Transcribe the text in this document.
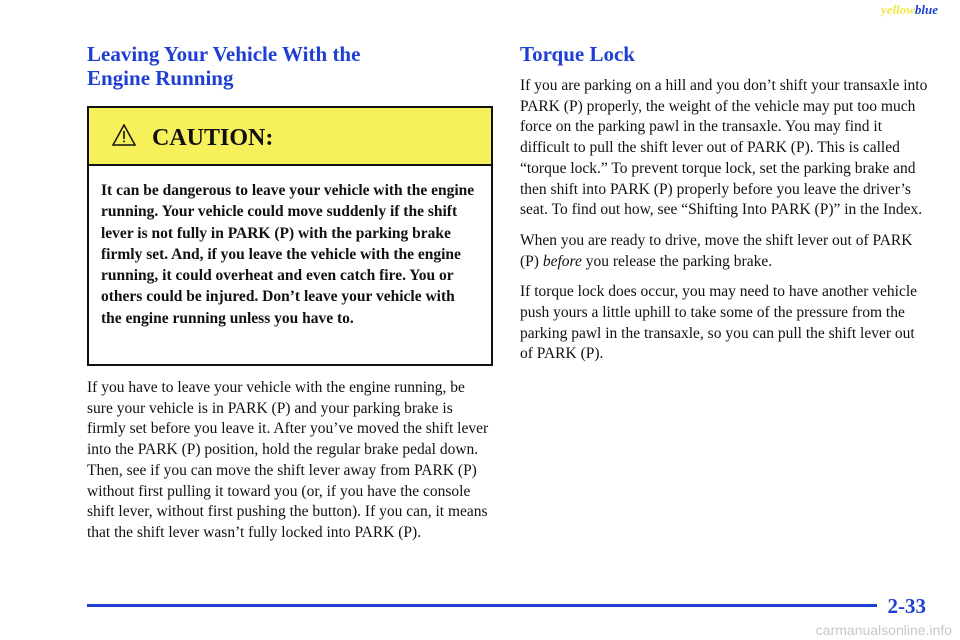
yellowblue
Leaving Your Vehicle With the
Engine Running
CAUTION:
It can be dangerous to leave your vehicle with the engine running. Your vehicle could move suddenly if the shift lever is not fully in PARK (P) with the parking brake firmly set. And, if you leave the vehicle with the engine running, it could overheat and even catch fire. You or others could be injured. Don’t leave your vehicle with the engine running unless you have to.

If you have to leave your vehicle with the engine running, be sure your vehicle is in PARK (P) and your parking brake is firmly set before you leave it. After you’ve moved the shift lever into the PARK (P) position, hold the regular brake pedal down. Then, see if you can move the shift lever away from PARK (P) without first pulling it toward you (or, if you have the console shift lever, without first pushing the button). If you can, it means that the shift lever wasn’t fully locked into PARK (P).

Torque Lock

If you are parking on a hill and you don’t shift your transaxle into PARK (P) properly, the weight of the vehicle may put too much force on the parking pawl in the transaxle. You may find it difficult to pull the shift lever out of PARK (P). This is called “torque lock.” To prevent torque lock, set the parking brake and then shift into PARK (P) properly before you leave the driver’s seat. To find out how, see “Shifting Into PARK (P)” in the Index.

When you are ready to drive, move the shift lever out of PARK (P) before you release the parking brake.

If torque lock does occur, you may need to have another vehicle push yours a little uphill to take some of the pressure from the parking pawl in the transaxle, so you can pull the shift lever out of PARK (P).

2-33
carmanualsonline.info
